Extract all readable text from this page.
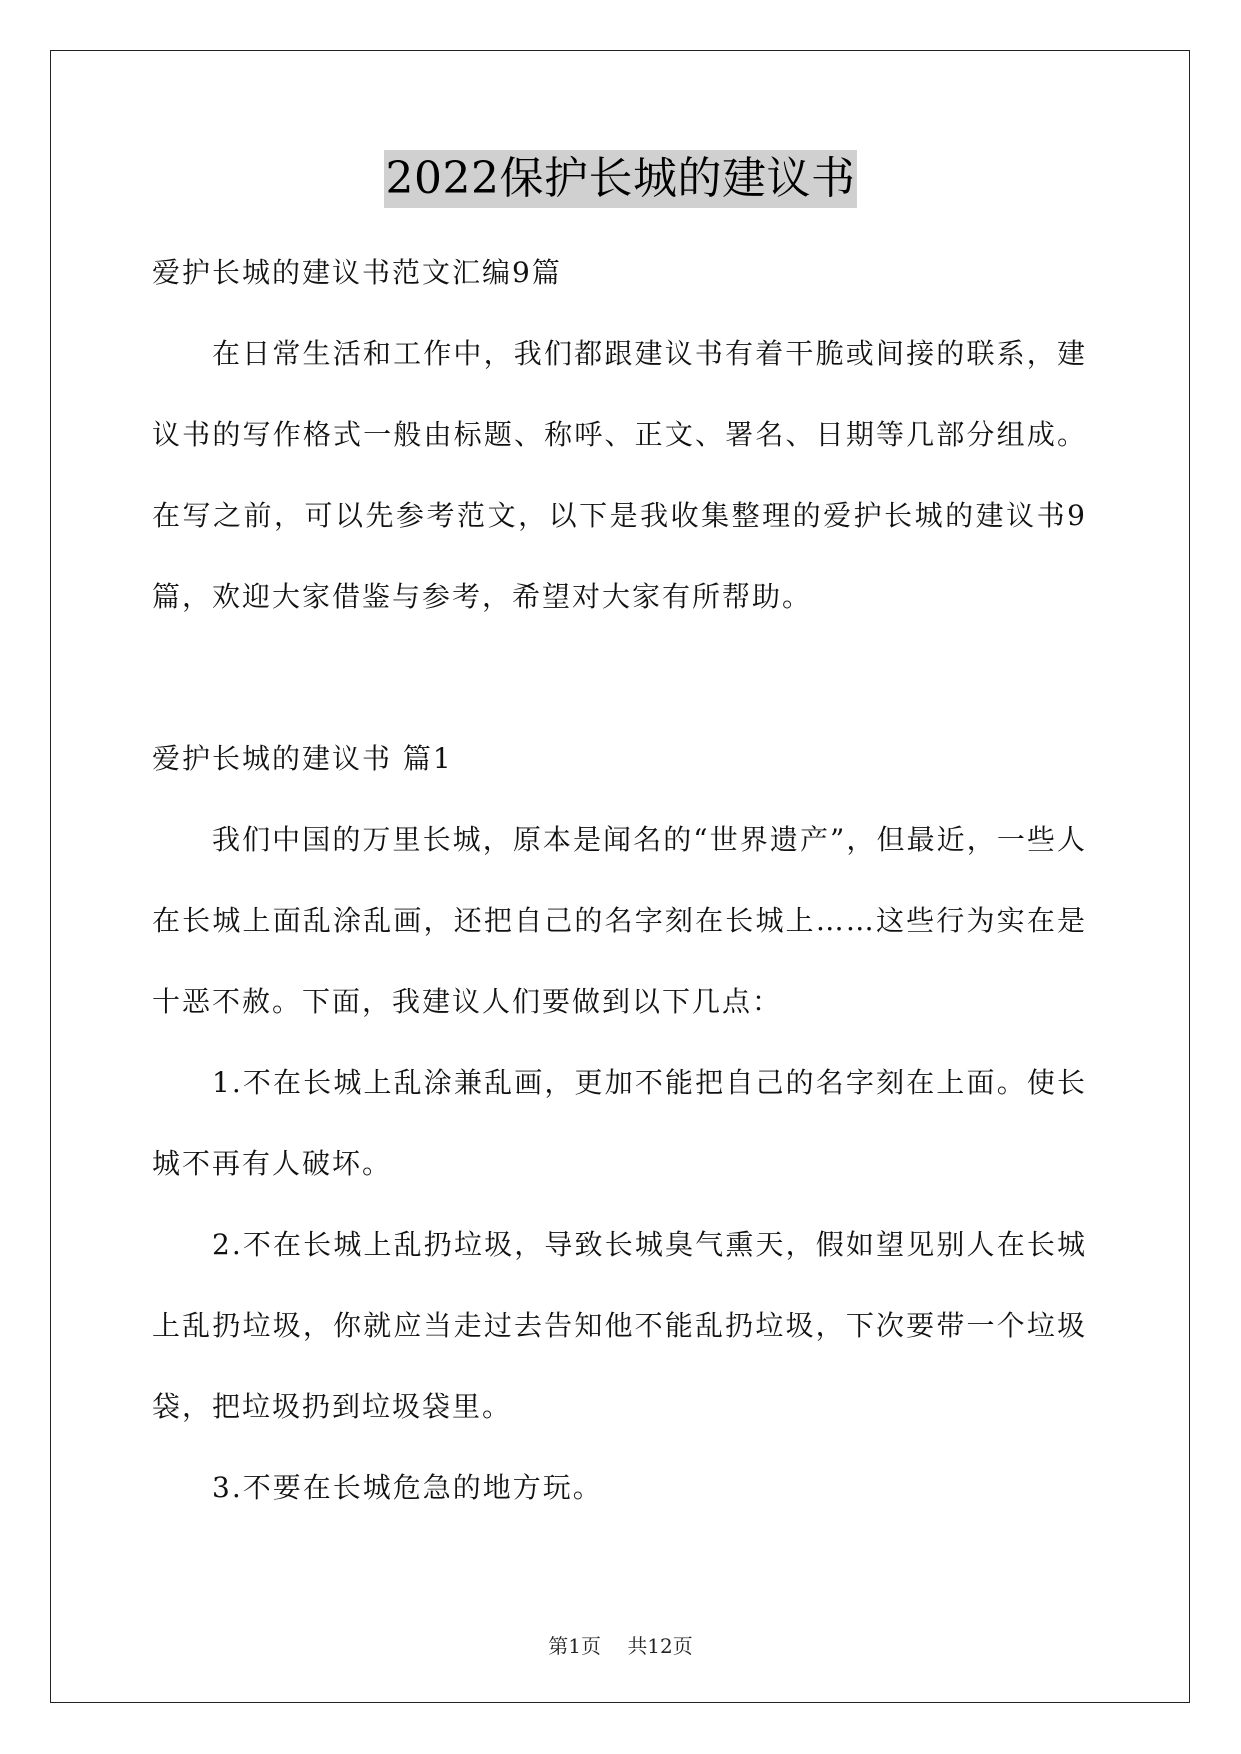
2022保护长城的建议书

爱护长城的建议书范文汇编9篇

在日常生活和工作中，我们都跟建议书有着干脆或间接的联系，建议书的写作格式一般由标题、称呼、正文、署名、日期等几部分组成。在写之前，可以先参考范文，以下是我收集整理的爱护长城的建议书9篇，欢迎大家借鉴与参考，希望对大家有所帮助。

爱护长城的建议书 篇1

我们中国的万里长城，原本是闻名的“世界遗产”，但最近，一些人在长城上面乱涂乱画，还把自己的名字刻在长城上……这些行为实在是十恶不赦。下面，我建议人们要做到以下几点：

1.不在长城上乱涂兼乱画，更加不能把自己的名字刻在上面。使长城不再有人破坏。

2.不在长城上乱扔垃圾，导致长城臭气熏天，假如望见别人在长城上乱扔垃圾，你就应当走过去告知他不能乱扔垃圾，下次要带一个垃圾袋，把垃圾扔到垃圾袋里。

3.不要在长城危急的地方玩。

第1页 共12页
